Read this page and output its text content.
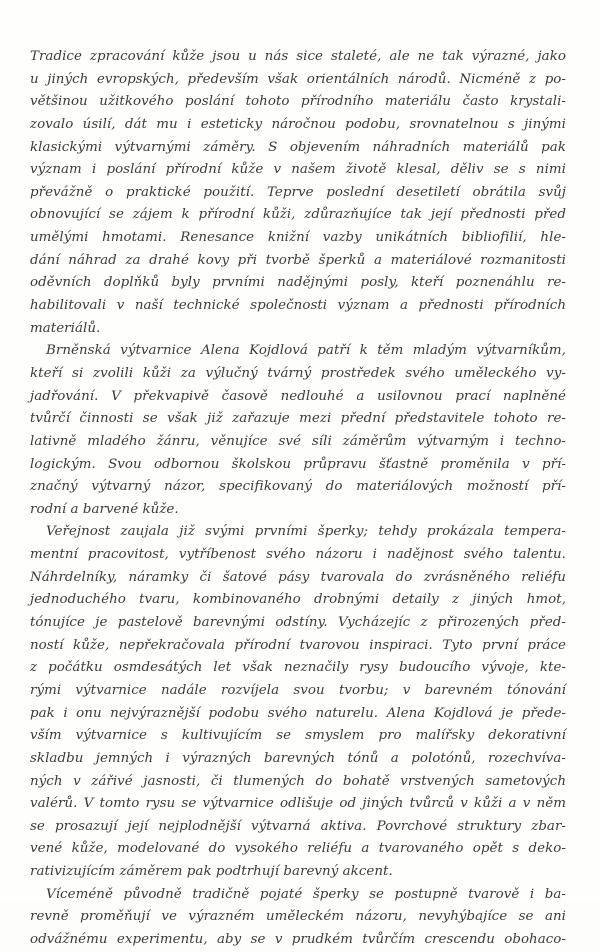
Tradice zpracování kůže jsou u nás sice staleté, ale ne tak výrazné, jako
u jiných evropských, především však orientálních národů. Nicméně z po-
většinou užitkového poslání tohoto přírodního materiálu často krystali-
zovalo úsilí, dát mu i esteticky náročnou podobu, srovnatelnou s jinými
klasickými výtvarnými záměry. S objevením náhradních materiálů pak
význam i poslání přírodní kůže v našem životě klesal, děliv se s nimi
převážně o praktické použití. Teprve poslední desetiletí obrátila svůj
obnovující se zájem k přírodní kůži, zdůrazňujíce tak její přednosti před
umělými hmotami. Renesance knižní vazby unikátních bibliofilií, hle-
dání náhrad za drahé kovy při tvorbě šperků a materiálové rozmanitosti
oděvních doplňků byly prvními nadějnými posly, kteří poznenáhlu re-
habilitovali v naší technické společnosti význam a přednosti přírodních
materiálů.
Brněnská výtvarnice Alena Kojdlová patří k těm mladým výtvarníkům,
kteří si zvolili kůži za výlučný tvárný prostředek svého uměleckého vy-
jadřování. V překvapivě časově nedlouhé a usilovnou prací naplněné
tvůrčí činnosti se však již zařazuje mezi přední představitele tohoto re-
lativně mladého žánru, věnujíce své síli záměrům výtvarným i techno-
logickým. Svou odbornou školskou průpravu šťastně proměnila v pří-
značný výtvarný názor, specifikovaný do materiálových možností pří-
rodní a barvené kůže.
Veřejnost zaujala již svými prvními šperky; tehdy prokázala tempera-
mentní pracovitost, vytříbenost svého názoru i nadějnost svého talentu.
Náhrdelníky, náramky či šatové pásy tvarovala do zvrásněného reliéfu
jednoduchého tvaru, kombinovaného drobnými detaily z jiných hmot,
tónujíce je pastelově barevnými odstíny. Vycházejíc z přirozených před-
ností kůže, nepřekračovala přírodní tvarovou inspiraci. Tyto první práce
z počátku osmdesátých let však neznačily rysy budoucího vývoje, kte-
rými výtvarnice nadále rozvíjela svou tvorbu; v barevném tónování
pak i onu nejvýraznější podobu svého naturelu. Alena Kojdlová je přede-
vším výtvarnice s kultivujícím se smyslem pro malířsky dekorativní
skladbu jemných i výrazných barevných tónů a polotónů, rozechvíva-
ných v zářivé jasnosti, či tlumených do bohatě vrstvených sametových
valérů. V tomto rysu se výtvarnice odlišuje od jiných tvůrců v kůži a v něm
se prosazují její nejplodnější výtvarná aktiva. Povrchové struktury zbar-
vené kůže, modelované do vysokého reliéfu a tvarovaného opět s deko-
rativizujícím záměrem pak podtrhují barevný akcent.
Víceméně původně tradičně pojaté šperky se postupně tvarově i ba-
revně proměňují ve výrazném uměleckém názoru, nevyhýbajíce se ani
odvážnému experimentu, aby se v prudkém tvůrčím crescendu obohaco-
